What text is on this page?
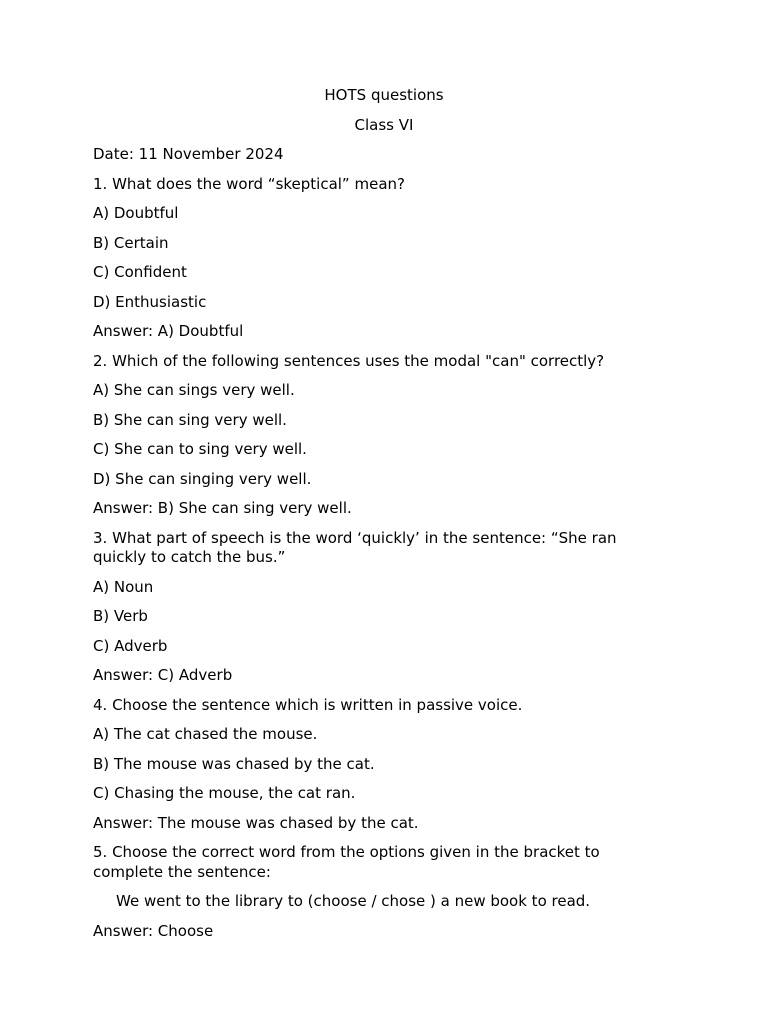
HOTS questions

Class VI

Date: 11 November 2024

1. What does the word “skeptical” mean?

A) Doubtful

B) Certain

C) Confident

D) Enthusiastic

Answer: A) Doubtful

2. Which of the following sentences uses the modal "can" correctly?

A) She can sings very well.

B) She can sing very well.

C) She can to sing very well.

D) She can singing very well.

Answer: B) She can sing very well.

3. What part of speech is the word ‘quickly’ in the sentence: “She ran quickly to catch the bus.”

A) Noun

B) Verb

C) Adverb

Answer: C) Adverb

4. Choose the sentence which is written in passive voice.

A) The cat chased the mouse.

B) The mouse was chased by the cat.

C) Chasing the mouse, the cat ran.

Answer: The mouse was chased by the cat.

5. Choose the correct word from the options given in the bracket to complete the sentence:

We went to the library to (choose / chose ) a new book to read.

Answer: Choose
